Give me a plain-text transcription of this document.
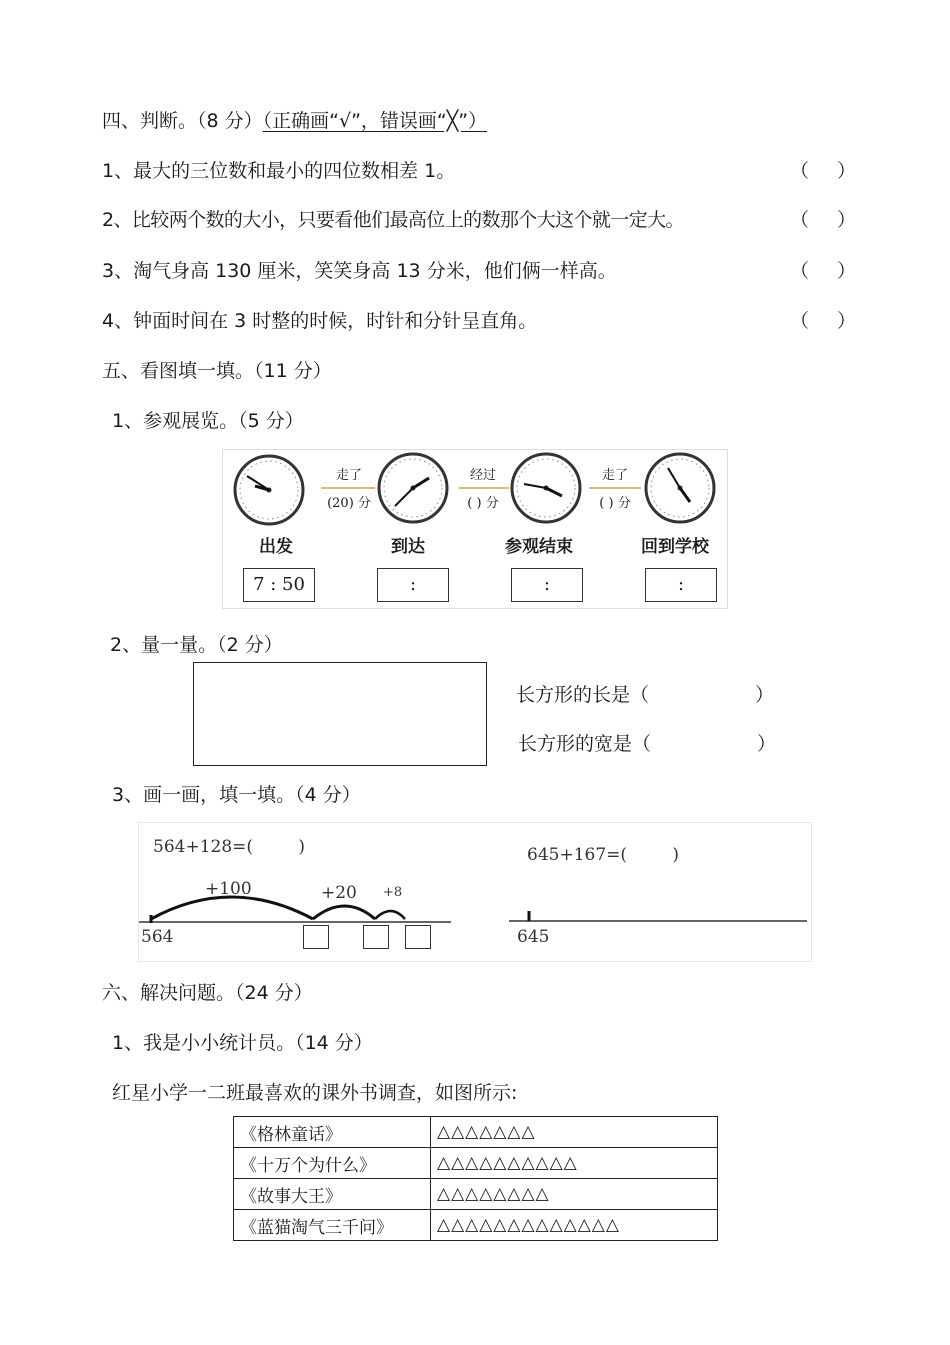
四、判断。（8 分）（正确画“√”，错误画“╳”）
1、最大的三位数和最小的四位数相差 1。	（ ）
2、比较两个数的大小，只要看他们最高位上的数那个大这个就一定大。	（ ）
3、淘气身高 130 厘米，笑笑身高 13 分米，他们俩一样高。	（ ）
4、钟面时间在 3 时整的时候，时针和分针呈直角。	（ ）
五、看图填一填。（11 分）
1、参观展览。（5 分）
走了
(20) 分
经过
( ) 分
走了
( ) 分
出发	到达	参观结束	回到学校
7 : 50	:	:	:
2、量一量。（2 分）
长方形的长是（ ）
长方形的宽是（ ）
3、画一画，填一填。（4 分）
564+128=( )	645+167=( )
+100	+20 +8
564	645
六、解决问题。（24 分）
1、我是小小统计员。（14 分）
红星小学一二班最喜欢的课外书调查，如图所示:
《格林童话》	△△△△△△△
《十万个为什么》	△△△△△△△△△△
《故事大王》	△△△△△△△△
《蓝猫淘气三千问》	△△△△△△△△△△△△△
